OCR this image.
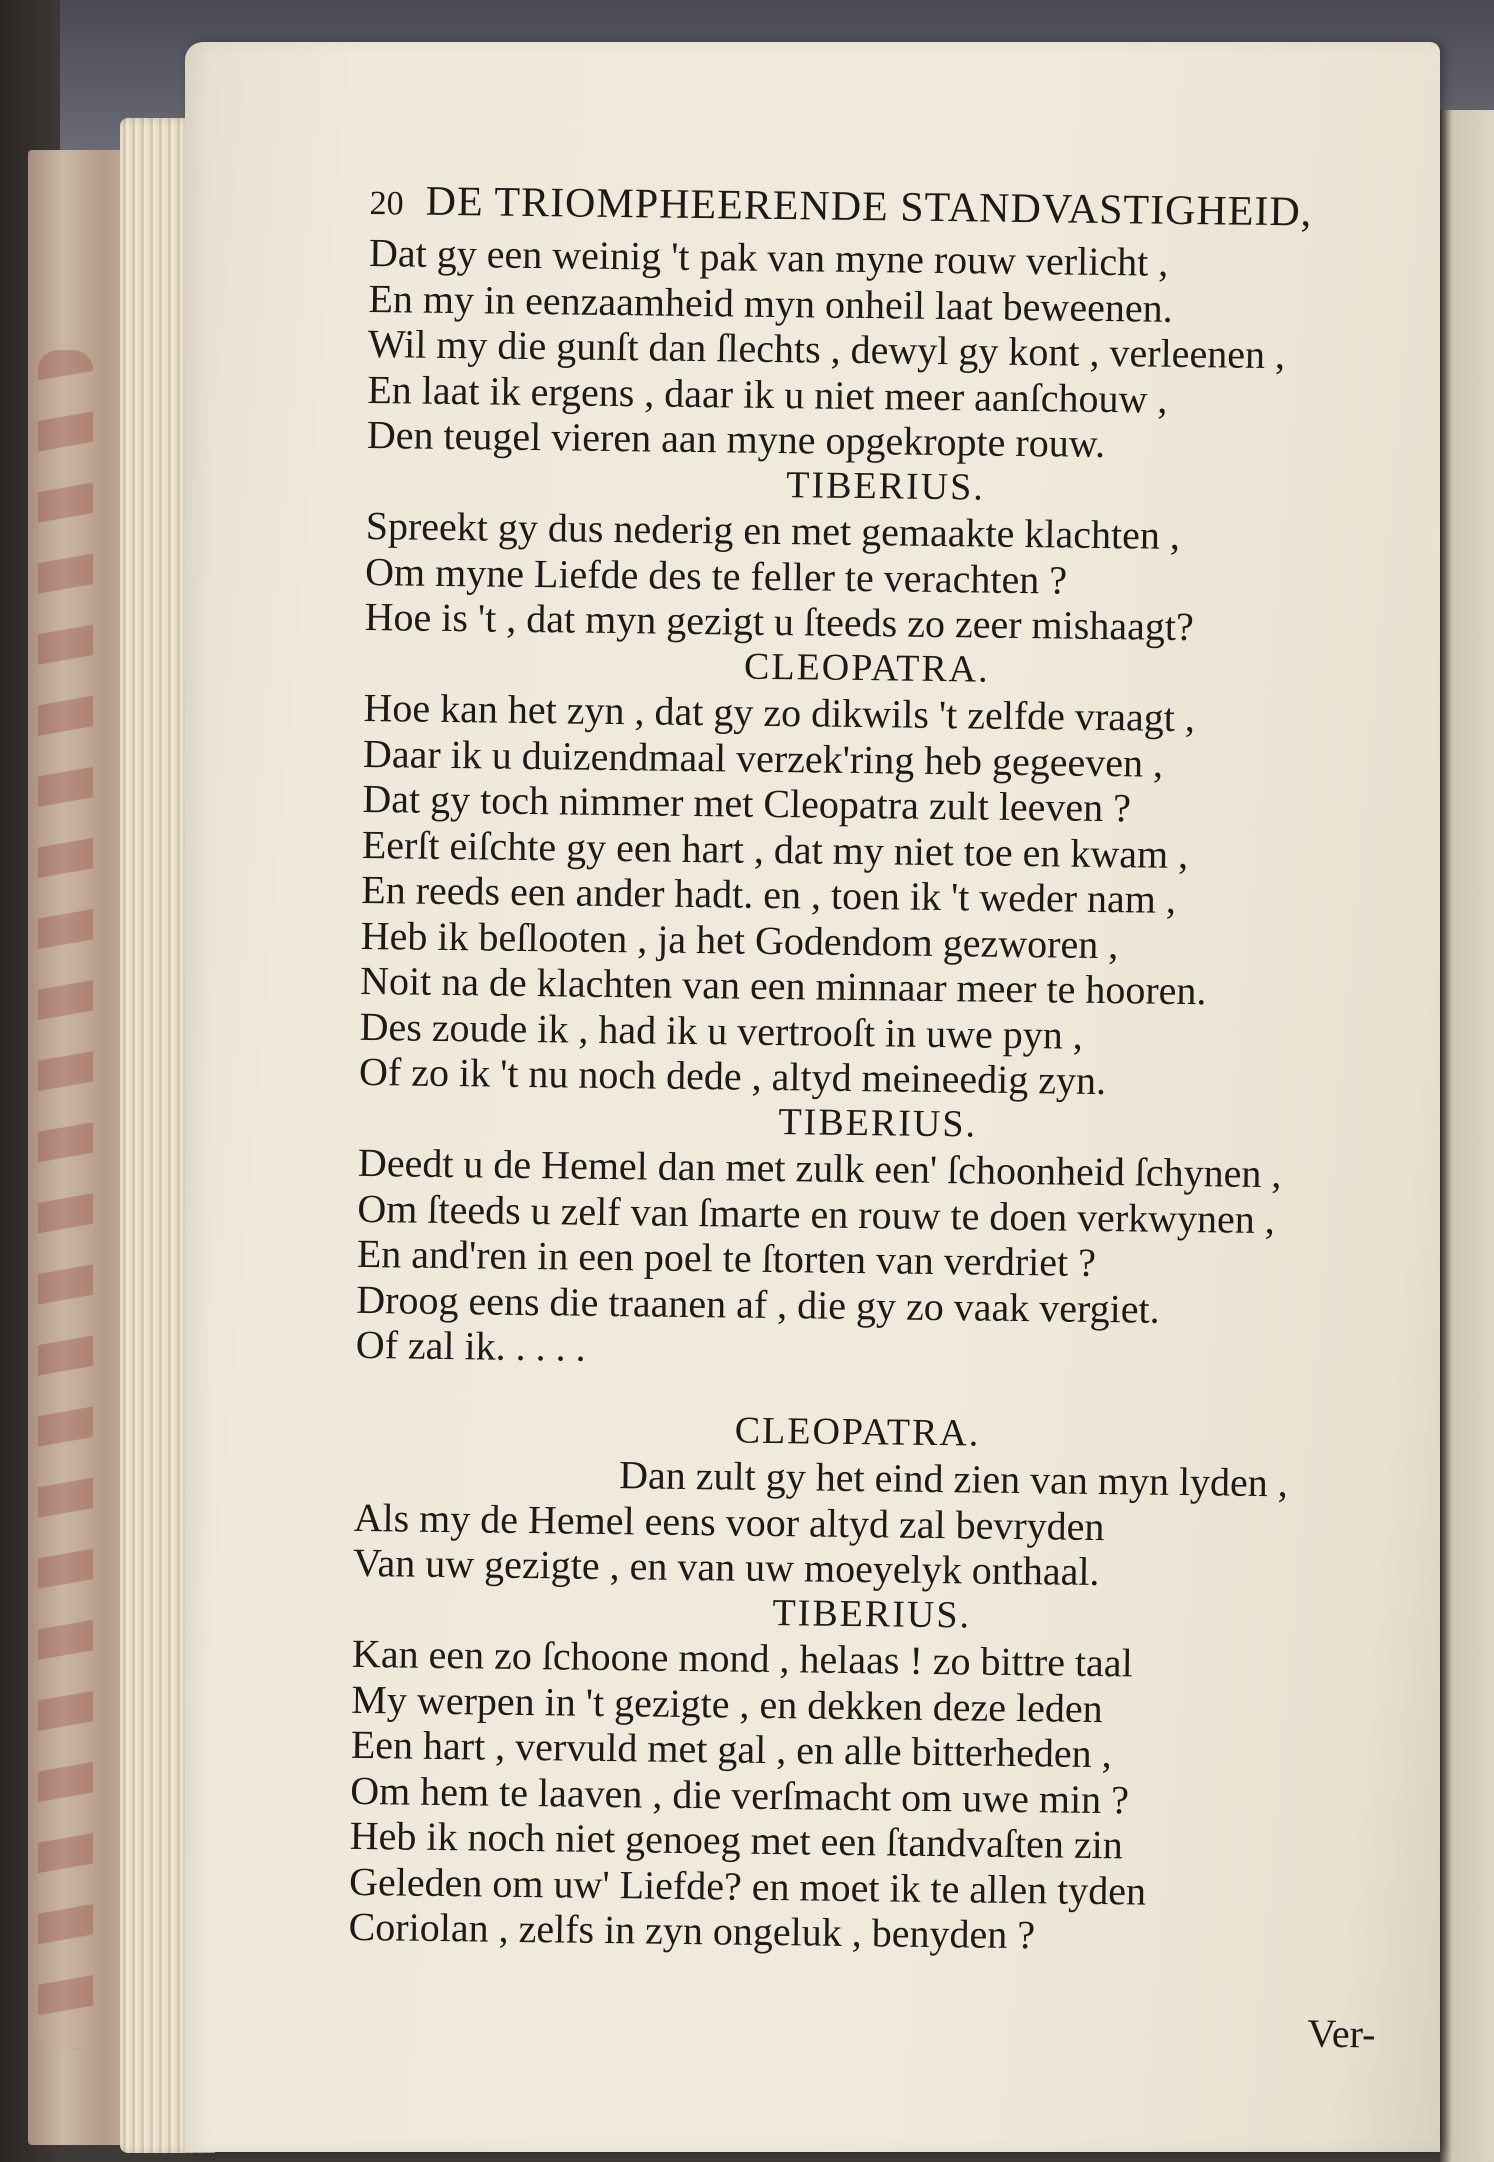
20 DE TRIOMPHEERENDE STANDVASTIGHEID,
Dat gy een weinig 't pak van myne rouw verlicht ,
En my in eenzaamheid myn onheil laat beweenen.
Wil my die gunſt dan ſlechts , dewyl gy kont , verleenen ,
En laat ik ergens , daar ik u niet meer aanſchouw ,
Den teugel vieren aan myne opgekropte rouw.
TIBERIUS.
Spreekt gy dus nederig en met gemaakte klachten ,
Om myne Liefde des te feller te verachten ?
Hoe is 't , dat myn gezigt u ſteeds zo zeer mishaagt?
CLEOPATRA.
Hoe kan het zyn , dat gy zo dikwils 't zelfde vraagt ,
Daar ik u duizendmaal verzek'ring heb gegeeven ,
Dat gy toch nimmer met Cleopatra zult leeven ?
Eerſt eiſchte gy een hart , dat my niet toe en kwam ,
En reeds een ander hadt. en , toen ik 't weder nam ,
Heb ik beſlooten , ja het Godendom gezworen ,
Noit na de klachten van een minnaar meer te hooren.
Des zoude ik , had ik u vertrooſt in uwe pyn ,
Of zo ik 't nu noch dede , altyd meineedig zyn.
TIBERIUS.
Deedt u de Hemel dan met zulk een' ſchoonheid ſchynen ,
Om ſteeds u zelf van ſmarte en rouw te doen verkwynen ,
En and'ren in een poel te ſtorten van verdriet ?
Droog eens die traanen af , die gy zo vaak vergiet.
Of zal ik. . . . .
CLEOPATRA.
Dan zult gy het eind zien van myn lyden ,
Als my de Hemel eens voor altyd zal bevryden
Van uw gezigte , en van uw moeyelyk onthaal.
TIBERIUS.
Kan een zo ſchoone mond , helaas ! zo bittre taal
My werpen in 't gezigte , en dekken deze leden
Een hart , vervuld met gal , en alle bitterheden ,
Om hem te laaven , die verſmacht om uwe min ?
Heb ik noch niet genoeg met een ſtandvaſten zin
Geleden om uw' Liefde? en moet ik te allen tyden
Coriolan , zelfs in zyn ongeluk , benyden ?
Ver-
